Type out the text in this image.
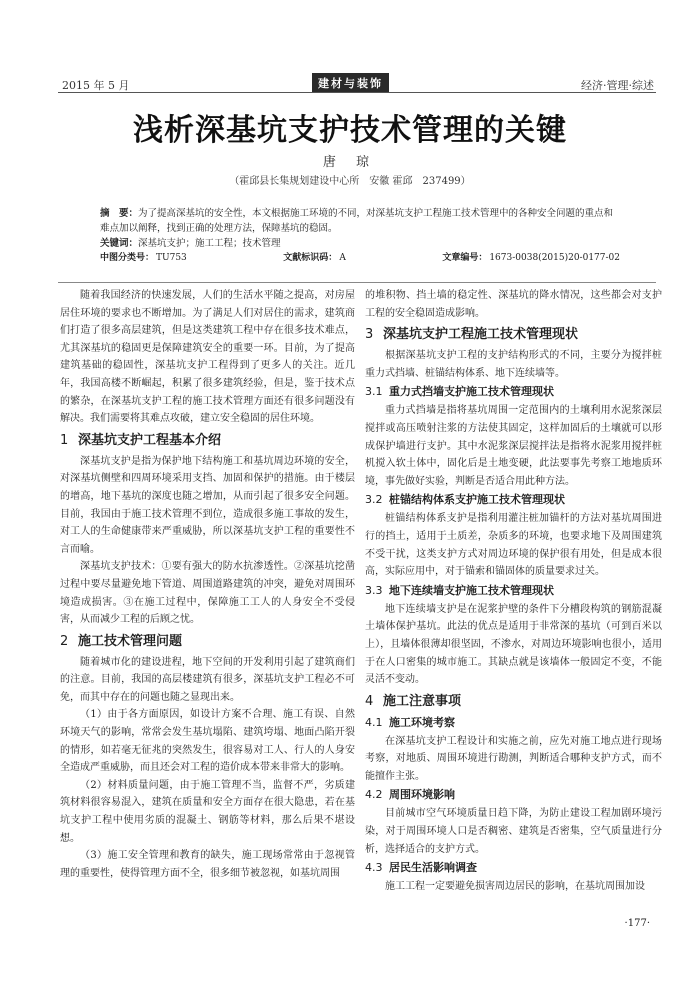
2015 年 5 月	建材与装饰	经济·管理·综述
浅析深基坑支护技术管理的关键
唐 琼
（霍邱县长集规划建设中心所　安徽 霍邱　237499）

摘　要：为了提高深基坑的安全性，本文根据施工环境的不同，对深基坑支护工程施工技术管理中的各种安全问题的重点和难点加以阐释，找到正确的处理方法，保障基坑的稳固。

关键词：深基坑支护；施工工程；技术管理

中图分类号： TU753	文献标识码： A	文章编号： 1673-0038(2015)20-0177-02

随着我国经济的快速发展，人们的生活水平随之提高，对房屋居住环境的要求也不断增加。为了满足人们对居住的需求，建筑商们打造了很多高层建筑，但是这类建筑工程中存在很多技术难点，尤其深基坑的稳固更是保障建筑安全的重要一环。目前，为了提高建筑基础的稳固性，深基坑支护工程得到了更多人的关注。近几年，我国高楼不断崛起，积累了很多建筑经验，但是，鉴于技术点的繁杂，在深基坑支护工程的施工技术管理方面还有很多问题没有解决。我们需要将其难点攻破，建立安全稳固的居住环境。

1 深基坑支护工程基本介绍

深基坑支护是指为保护地下结构施工和基坑周边环境的安全，对深基坑侧壁和四周环境采用支挡、加固和保护的措施。由于楼层的增高，地下基坑的深度也随之增加，从而引起了很多安全问题。目前，我国由于施工技术管理不到位，造成很多施工事故的发生，对工人的生命健康带来严重威胁，所以深基坑支护工程的重要性不言而喻。

深基坑支护技术：①要有强大的防水抗渗透性。②深基坑挖凿过程中要尽量避免地下管道、周围道路建筑的冲突，避免对周围环境造成损害。③在施工过程中，保障施工工人的人身安全不受侵害，从而减少工程的后顾之忧。

2 施工技术管理问题

随着城市化的建设进程，地下空间的开发利用引起了建筑商们的注意。目前，我国的高层楼建筑有很多，深基坑支护工程必不可免，而其中存在的问题也随之显现出来。

（1）由于各方面原因，如设计方案不合理、施工有误、自然环境天气的影响，常常会发生基坑塌陷、建筑垮塌、地面凸陷开裂的情形，如若毫无征兆的突然发生，很容易对工人、行人的人身安全造成严重威胁，而且还会对工程的造价成本带来非常大的影响。

（2）材料质量问题，由于施工管理不当，监督不严，劣质建筑材料很容易混入，建筑在质量和安全方面存在很大隐患，若在基坑支护工程中使用劣质的混凝土、钢筋等材料，那么后果不堪设想。

（3）施工安全管理和教育的缺失，施工现场常常由于忽视管理的重要性，使得管理方面不全，很多细节被忽视，如基坑周围

的堆积物、挡土墙的稳定性、深基坑的降水情况，这些都会对支护工程的安全稳固造成影响。

3 深基坑支护工程施工技术管理现状

根据深基坑支护工程的支护结构形式的不同，主要分为搅拌桩重力式挡墙、桩锚结构体系、地下连续墙等。

3.1 重力式挡墙支护施工技术管理现状

重力式挡墙是指将基坑周围一定范围内的土壤利用水泥浆深层搅拌或高压喷射注浆的方法使其固定，这样加固后的土壤就可以形成保护墙进行支护。其中水泥浆深层搅拌法是指将水泥浆用搅拌桩机搅入软土体中，固化后是土地变硬，此法要事先考察工地地质环境，事先做好实验，判断是否适合用此种方法。

3.2 桩锚结构体系支护施工技术管理现状

桩锚结构体系支护是指利用灌注桩加锚杆的方法对基坑周围进行的挡土，适用于土质差，杂质多的环境，也要求地下及周围建筑不受干扰，这类支护方式对周边环境的保护很有用处，但是成本很高，实际应用中，对于锚索和锚固体的质量要求过关。

3.3 地下连续墙支护施工技术管理现状

地下连续墙支护是在泥浆护壁的条件下分槽段构筑的钢筋混凝土墙体保护基坑。此法的优点是适用于非常深的基坑（可到百米以上），且墙体很薄却很坚固，不渗水，对周边环境影响也很小，适用于在人口密集的城市施工。其缺点就是该墙体一般固定不变，不能灵活不变动。

4 施工注意事项
4.1 施工环境考察

在深基坑支护工程设计和实施之前，应先对施工地点进行现场考察，对地质、周围环境进行勘测，判断适合哪种支护方式，而不能擅作主张。

4.2 周围环境影响

目前城市空气环境质量日趋下降，为防止建设工程加剧环境污染，对于周围环境人口是否稠密、建筑是否密集，空气质量进行分析，选择适合的支护方式。

4.3 居民生活影响调查

施工工程一定要避免损害周边居民的影响，在基坑周围加设

·177·
